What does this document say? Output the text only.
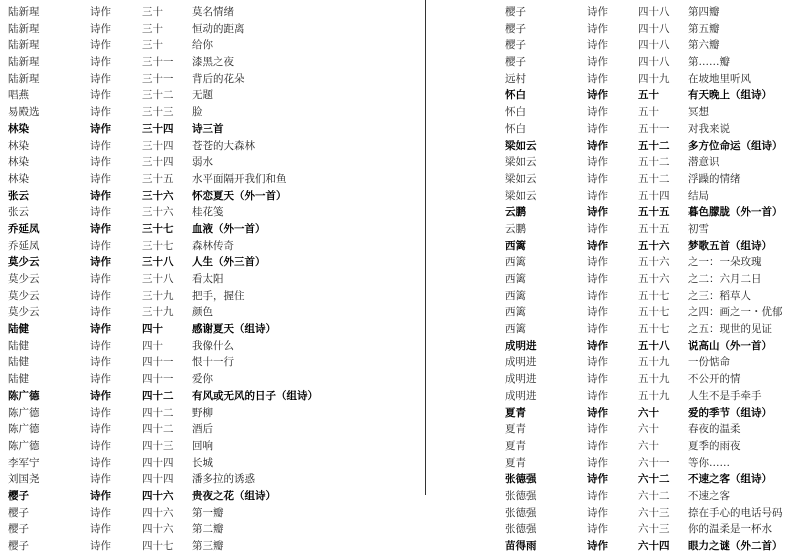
陆新瑆	诗作	三十	莫名情绪
陆新瑆	诗作	三十	恒动的距离
陆新瑆	诗作	三十	给你
陆新瑆	诗作	三十一 漆黑之夜
陆新瑆	诗作	三十一 背后的花朵
唱燕	诗作	三十二 无题
易殿选	诗作	三十三 脸
林染	诗作	三十四 诗三首
林染	诗作	三十四 苍苍的大森林
林染	诗作	三十四 弱水
林染	诗作	三十五 水平面隔开我们和鱼
张云	诗作	三十六 怀恋夏天（外一首）
张云	诗作	三十六 桂花笺
乔延凤	诗作	三十七 血液（外一首）
乔延凤	诗作	三十七 森林传奇
莫少云	诗作	三十八 人生（外三首）
莫少云	诗作	三十八 看太阳
莫少云	诗作	三十九 把手，握住
莫少云	诗作	三十九 颜色
陆健	诗作	四十	感谢夏天（组诗）
陆健	诗作	四十	我像什么
陆健	诗作	四十一 恨十一行
陆健	诗作	四十一 爱你
陈广德	诗作	四十二 有风或无风的日子（组诗）
陈广德	诗作	四十二 野柳
陈广德	诗作	四十二 酒后
陈广德	诗作	四十三 回响
李军宁	诗作	四十四 长城
刘国尧	诗作	四十四 潘多拉的诱惑
樱子	诗作	四十六 贵夜之花（组诗）
樱子	诗作	四十六 第一瓣
樱子	诗作	四十六 第二瓣
樱子	诗作	四十七 第三瓣
樱子	诗作	四十八 第四瓣
樱子	诗作	四十八 第五瓣
樱子	诗作	四十八 第六瓣
樱子	诗作	四十八 第……瓣
远村	诗作	四十九 在坡地里听风
怀白	诗作	五十	有天晚上（组诗）
怀白	诗作	五十	冥想
怀白	诗作	五十一 对我来说
梁如云	诗作	五十二 多方位命运（组诗）
梁如云	诗作	五十二 潜意识
梁如云	诗作	五十二 浮躁的情绪
梁如云	诗作	五十四 结局
云鹏	诗作	五十五 暮色朦胧（外一首）
云鹏	诗作	五十五 初雪
西篱	诗作	五十六 梦歌五首（组诗）
西篱	诗作	五十六 之一：一朵玫瑰
西篱	诗作	五十六 之二：六月二日
西篱	诗作	五十七 之三：稻草人
西篱	诗作	五十七 之四：画之一・优郁
西篱	诗作	五十七 之五：现世的见证
成明进	诗作	五十八 说高山（外一首）
成明进	诗作	五十九 一份惦命
成明进	诗作	五十九 不公开的情
成明进	诗作	五十九 人生不是手牵手
夏青	诗作	六十	爱的季节（组诗）
夏青	诗作	六十	春夜的温柔
夏青	诗作	六十	夏季的雨夜
夏青	诗作	六十一 等你……
张德强	诗作	六十二 不速之客（组诗）
张德强	诗作	六十二 不速之客
张德强	诗作	六十三 捺在手心的电话号码
张德强	诗作	六十三 你的温柔是一杯水
苗得雨	诗作	六十四 眼力之谜（外二首）
